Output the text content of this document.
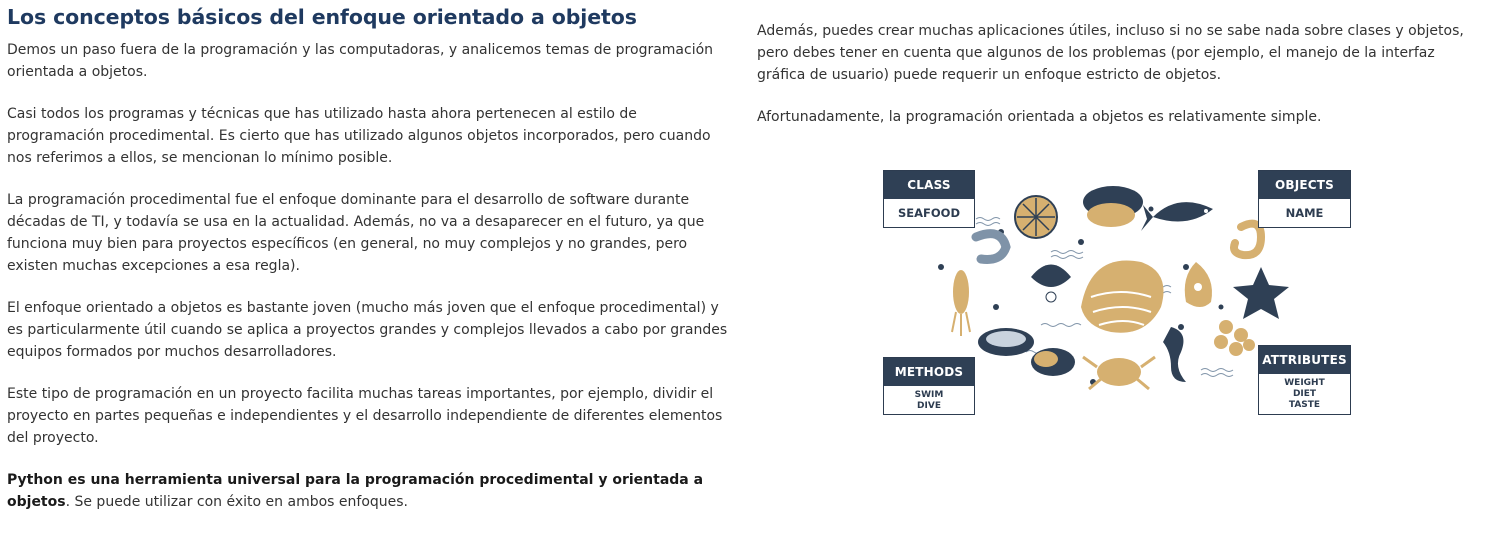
Los conceptos básicos del enfoque orientado a objetos

Demos un paso fuera de la programación y las computadoras, y analicemos temas de programación orientada a objetos.

Casi todos los programas y técnicas que has utilizado hasta ahora pertenecen al estilo de programación procedimental. Es cierto que has utilizado algunos objetos incorporados, pero cuando nos referimos a ellos, se mencionan lo mínimo posible.

La programación procedimental fue el enfoque dominante para el desarrollo de software durante décadas de TI, y todavía se usa en la actualidad. Además, no va a desaparecer en el futuro, ya que funciona muy bien para proyectos específicos (en general, no muy complejos y no grandes, pero existen muchas excepciones a esa regla).

El enfoque orientado a objetos es bastante joven (mucho más joven que el enfoque procedimental) y es particularmente útil cuando se aplica a proyectos grandes y complejos llevados a cabo por grandes equipos formados por muchos desarrolladores.

Este tipo de programación en un proyecto facilita muchas tareas importantes, por ejemplo, dividir el proyecto en partes pequeñas e independientes y el desarrollo independiente de diferentes elementos del proyecto.

Python es una herramienta universal para la programación procedimental y orientada a objetos. Se puede utilizar con éxito en ambos enfoques.

Además, puedes crear muchas aplicaciones útiles, incluso si no se sabe nada sobre clases y objetos, pero debes tener en cuenta que algunos de los problemas (por ejemplo, el manejo de la interfaz gráfica de usuario) puede requerir un enfoque estricto de objetos.

Afortunadamente, la programación orientada a objetos es relativamente simple.

CLASS
SEAFOOD
OBJECTS
NAME
METHODS
SWIM
DIVE
ATTRIBUTES
WEIGHT
DIET
TASTE
